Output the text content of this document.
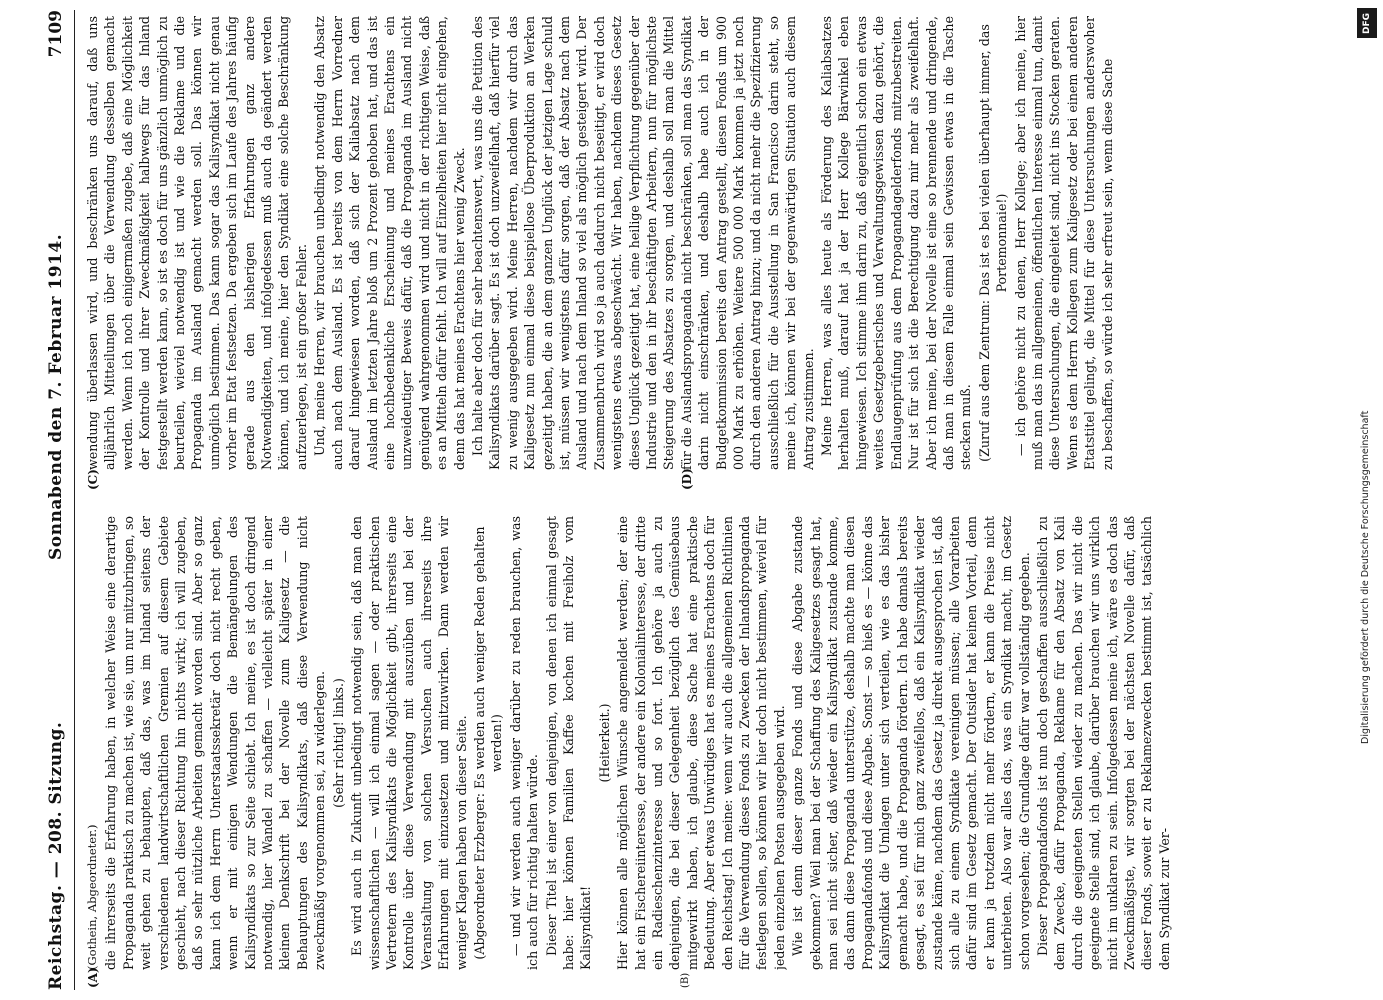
Reichstag. — 208. Sitzung.
Sonnabend den 7. Februar 1914.
7109
(A)	(B)
(C)	(D)

(Gothein, Abgeordneter.) die ihrerseits die Erfahrung haben, in welcher Weise eine derartige Propaganda praktisch zu machen ist, wie sie, um nur mitzubringen, so weit gehen zu behaupten, daß das, was im Inland seitens der verschiedenen landwirtschaftlichen Gremien auf diesem Gebiete geschieht, nach dieser Richtung hin nichts wirkt; ich will zugeben, daß so sehr nützliche Arbeiten gemacht worden sind. Aber so ganz kann ich dem Herrn Unterstaatssekretär doch nicht recht geben, wenn er mit einigen Wendungen die Bemängelungen des Kalisyndikats so zur Seite schiebt. Ich meine, es ist doch dringend notwendig, hier Wandel zu schaffen — vielleicht später in einer kleinen Denkschrift bei der Novelle zum Kaligesetz — die Behauptungen des Kalisyndikats, daß diese Verwendung nicht zweckmäßig vorgenommen sei, zu widerlegen. (Sehr richtig! links.) Es wird auch in Zukunft unbedingt notwendig sein, daß man den wissenschaftlichen — will ich einmal sagen — oder praktischen Vertretern des Kalisyndikats die Möglichkeit gibt, ihrerseits eine Kontrolle über diese Verwendung mit auszuüben und bei der Veranstaltung von solchen Versuchen auch ihrerseits ihre Erfahrungen mit einzusetzen und mitzuwirken. Dann werden wir weniger Klagen haben von dieser Seite. (Abgeordneter Erzberger: Es werden auch weniger Reden gehalten werden!) — und wir werden auch weniger darüber zu reden brauchen, was ich auch für richtig halten würde. Dieser Titel ist einer von denjenigen, von denen ich einmal gesagt habe: hier können Familien Kaffee kochen mit Freiholz vom Kalisyndikat!

(Heiterkeit.) Hier können alle möglichen Wünsche angemeldet werden; der eine hat ein Fischereiinteresse, der andere ein Kolonialinteresse, der dritte ein Radieschenzinteresse und so fort. Ich gehöre ja auch zu denjenigen, die bei dieser Gelegenheit bezüglich des Gemüsebaus mitgewirkt haben, ich glaube, diese Sache hat eine praktische Bedeutung. Aber etwas Unwürdiges hat es meines Erachtens doch für den Reichstag! Ich meine: wenn wir auch die allgemeinen Richtlinien für die Verwendung dieses Fonds zu Zwecken der Inlandspropaganda festlegen sollen, so können wir hier doch nicht bestimmen, wieviel für jeden einzelnen Posten ausgegeben wird. Wie ist denn dieser ganze Fonds und diese Abgabe zustande gekommen? Weil man bei der Schaffung des Kaligesetzes gesagt hat, man sei nicht sicher, daß wieder ein Kalisyndikat zustande komme, das dann diese Propaganda unterstütze, deshalb machte man diesen Propagandafonds und diese Abgabe. Sonst — so hieß es — könne das Kalisyndikat die Umlagen unter sich verteilen, wie es das bisher gemacht habe, und die Propaganda fördern. Ich habe damals bereits gesagt, es sei für mich ganz zweifellos, daß ein Kalisyndikat wieder zustande käme, nachdem das Gesetz ja direkt ausgesprochen ist, daß sich alle zu einem Syndikate vereinigen müssen; alle Vorarbeiten dafür sind im Gesetz gemacht. Der Outsider hat keinen Vorteil, denn er kann ja trotzdem nicht mehr fördern, er kann die Preise nicht unterbieten. Also war alles das, was ein Syndikat macht, im Gesetz schon vorgesehen; die Grundlage dafür war vollständig gegeben. Dieser Propagandafonds ist nun doch geschaffen ausschließlich zu dem Zwecke, dafür Propaganda, Reklame für den Absatz von Kali durch die geeigneten Stellen wieder zu machen. Das wir nicht die geeignete Stelle sind, ich glaube, darüber brauchen wir uns wirklich nicht im unklaren zu sein. Infolgedessen meine ich, wäre es doch das Zweckmäßigste, wir sorgten bei der nächsten Novelle dafür, daß dieser Fonds, soweit er zu Reklamezwecken bestimmt ist, tatsächlich dem Syndikat zur Ver-

wendung überlassen wird, und beschränken uns darauf, daß uns alljährlich Mitteilungen über die Verwendung desselben gemacht werden. Wenn ich noch einigermaßen zugebe, daß eine Möglichkeit der Kontrolle und ihrer Zweckmäßigkeit halbwegs für das Inland festgestellt werden kann, so ist es doch für uns gänzlich unmöglich zu beurteilen, wieviel notwendig ist und wie die Reklame und die Propaganda im Ausland gemacht werden soll. Das können wir unmöglich bestimmen. Das kann sogar das Kalisyndikat nicht genau vorher im Etat festsetzen. Da ergeben sich im Laufe des Jahres häufig gerade aus den bisherigen Erfahrungen ganz andere Notwendigkeiten, und infolgedessen muß auch da geändert werden können, und ich meine, hier den Syndikat eine solche Beschränkung aufzuerlegen, ist ein großer Fehler. Und, meine Herren, wir brauchen unbedingt notwendig den Absatz auch nach dem Ausland. Es ist bereits von dem Herrn Vorredner darauf hingewiesen worden, daß sich der Kaliabsatz nach dem Ausland im letzten Jahre bloß um 2 Prozent gehoben hat, und das ist eine hochbedenkliche Erscheinung und meines Erachtens ein unzweideutiger Beweis dafür, daß die Propaganda im Ausland nicht genügend wahrgenommen wird und nicht in der richtigen Weise, daß es an Mitteln dafür fehlt. Ich will auf Einzelheiten hier nicht eingehen, denn das hat meines Erachtens hier wenig Zweck. Ich halte aber doch für sehr beachtenswert, was uns die Petition des Kalisyndikats darüber sagt. Es ist doch unzweifelhaft, daß hierfür viel zu wenig ausgegeben wird. Meine Herren, nachdem wir durch das Kaligesetz nun einmal diese beispiellose Überproduktion an Werken gezeitigt haben, die an dem ganzen Unglück der jetzigen Lage schuld ist, müssen wir wenigstens dafür sorgen, daß der Absatz nach dem Ausland und nach dem Inland so viel als möglich gesteigert wird. Der Zusammenbruch wird so ja auch dadurch nicht beseitigt, er wird doch wenigstens etwas abgeschwächt. Wir haben, nachdem dieses Gesetz dieses Unglück gezeitigt hat, eine heilige Verpflichtung gegenüber der Industrie und den in ihr beschäftigten Arbeitern, nun für möglichste Steigerung des Absatzes zu sorgen, und deshalb soll man die Mittel für die Auslandspropaganda nicht beschränken, soll man das Syndikat darin nicht einschränken, und deshalb habe auch ich in der Budgetkommission bereits den Antrag gestellt, diesen Fonds um 900 000 Mark zu erhöhen. Weitere 500 000 Mark kommen ja jetzt noch durch den anderen Antrag hinzu; und da nicht mehr die Spezifizierung ausschließlich für die Ausstellung in San Francisco darin steht, so meine ich, können wir bei der gegenwärtigen Situation auch diesem Antrag zustimmen. Meine Herren, was alles heute als Förderung des Kaliabsatzes herhalten muß, darauf hat ja der Herr Kollege Bärwinkel eben hingewiesen. Ich stimme ihm darin zu, daß eigentlich schon ein etwas weites Gesetzgeberisches und Verwaltungsgewissen dazu gehört, die Endlaugenprüfung aus dem Propagandagelderfonds mitzubestreiten. Nur ist für sich ist die Berechtigung dazu mir mehr als zweifelhaft. Aber ich meine, bei der Novelle ist eine so brennende und dringende, daß man in diesem Falle einmal sein Gewissen etwas in die Tasche stecken muß. (Zuruf aus dem Zentrum: Das ist es bei vielen überhaupt immer, das Portemonnaie!) — ich gehöre nicht zu denen, Herr Kollege; aber ich meine, hier muß man das im allgemeinen, öffentlichen Interesse einmal tun, damit diese Untersuchungen, die eingeleitet sind, nicht ins Stocken geraten. Wenn es dem Herrn Kollegen zum Kaligesetz oder bei einem anderen Etatstitel gelingt, die Mittel für diese Untersuchungen anderswoher zu beschaffen, so würde ich sehr erfreut sein, wenn diese Sache

DFG
Digitalisierung gefördert durch die Deutsche Forschungsgemeinschaft
